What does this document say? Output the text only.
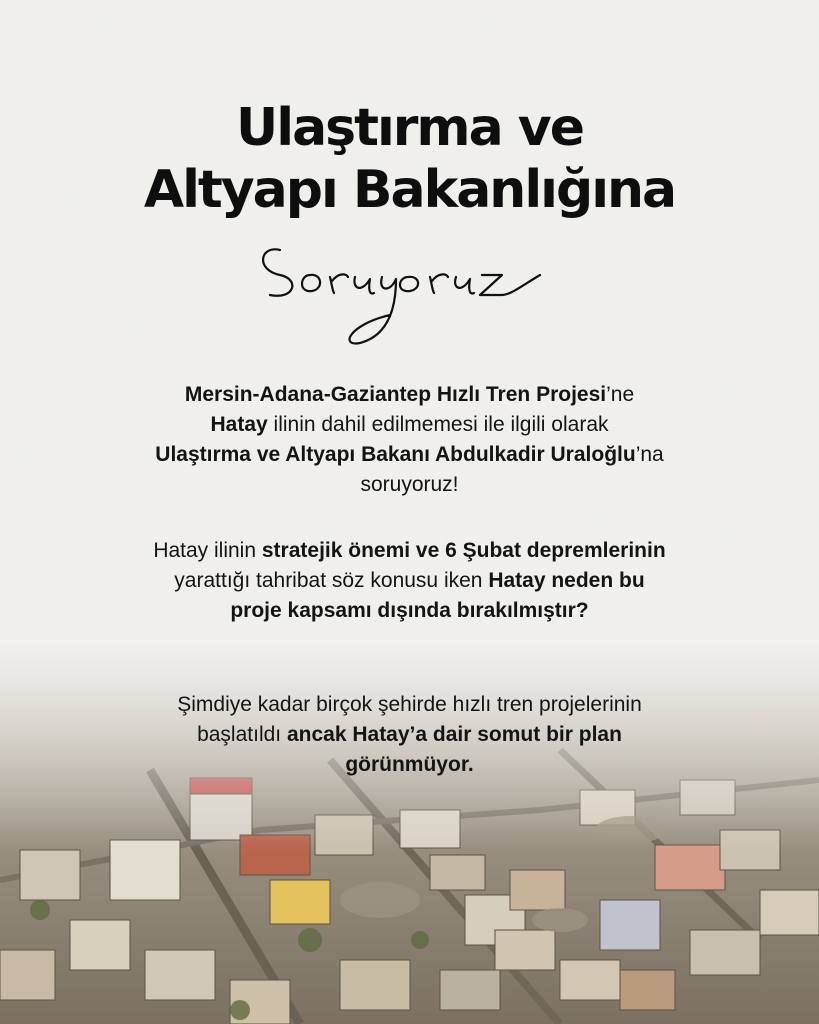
Ulaştırma ve
Altyapı Bakanlığına
Soruyoruz
Mersin-Adana-Gaziantep Hızlı Tren Projesi’ne
Hatay ilinin dahil edilmemesi ile ilgili olarak
Ulaştırma ve Altyapı Bakanı Abdulkadir Uraloğlu’na
soruyoruz!
Hatay ilinin stratejik önemi ve 6 Şubat depremlerinin
yarattığı tahribat söz konusu iken Hatay neden bu
proje kapsamı dışında bırakılmıştır?
Şimdiye kadar birçok şehirde hızlı tren projelerinin
başlatıldı ancak Hatay’a dair somut bir plan
görünmüyor.
